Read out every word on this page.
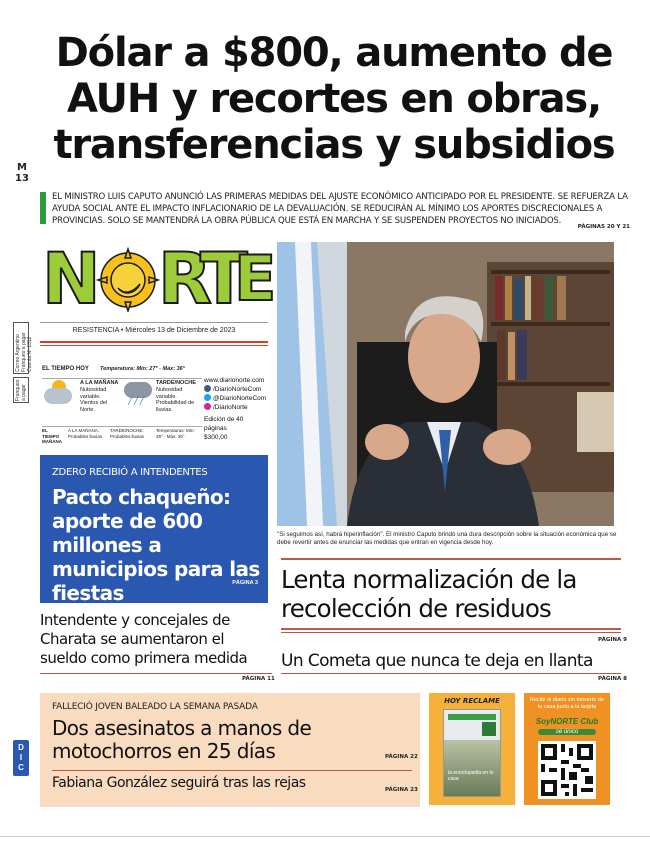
Dólar a $800, aumento de
AUH y recortes en obras,
transferencias y subsidios
M
13
Correo Argentino Franqueo a pagar Cuenta Nº 1312
Franqueo a pagar
DIC
EL MINISTRO LUIS CAPUTO ANUNCIÓ LAS PRIMERAS MEDIDAS DEL AJUSTE ECONÓMICO ANTICIPADO POR EL PRESIDENTE. SE REFUERZA LA AYUDA SOCIAL ANTE EL IMPACTO INFLACIONARIO DE LA DEVALUACIÓN. SE REDUCIRÁN AL MÍNIMO LOS APORTES DISCRECIONALES A PROVINCIAS. SOLO SE MANTENDRÁ LA OBRA PÚBLICA QUE ESTÁ EN MARCHA Y SE SUSPENDEN PROYECTOS NO INICIADOS.
PÁGINAS 20 Y 21
N R
T
E
RESISTENCIA • Miércoles 13 de Diciembre de 2023
EL TIEMPO HOY Temperatura: Mín: 27° - Máx: 36°
A LA MAÑANA
Nubosidad variable. Vientos del Norte.
╱╱╱
TARDE/NOCHE
Nubosidad variable. Probabilidad de lluvias.
EL TIEMPO MAÑANA
A LA MAÑANA: Probables lluvias
TARDE/NOCHE: Probables lluvias
Temperaturas: Mín: 28° - Máx: 36°
www.diarionorte.com
/DiarioNorteCom
@DiarioNorteCom
/DiarioNorte
Edición de 40 páginas
$300,00
ZDERO RECIBIÓ A INTENDENTES
Pacto chaqueño: aporte de 600 millones a municipios para las fiestas	PÁGINA 3
"Si seguimos así, habrá hiperinflación". El ministro Caputo brindó una dura descripción sobre la situación económica que se debe revertir antes de enunciar las medidas que entran en vigencia desde hoy.
Lenta normalización de la recolección de residuos
PÁGINA 9
Un Cometa que nunca te deja en llanta
PÁGINA 8
Intendente y concejales de Charata se aumentaron el sueldo como primera medida
PÁGINA 11
FALLECIÓ JOVEN BALEADO LA SEMANA PASADA
Dos asesinatos a manos de motochorros en 25 días	PÁGINA 22
Fabiana González seguirá tras las rejas	PÁGINA 23
HOY RECLAME
la enciclopedia en tu casa
Recibí el diario sin moverte de tu casa junto a la tarjeta
SoyNORTE Club
sé único
